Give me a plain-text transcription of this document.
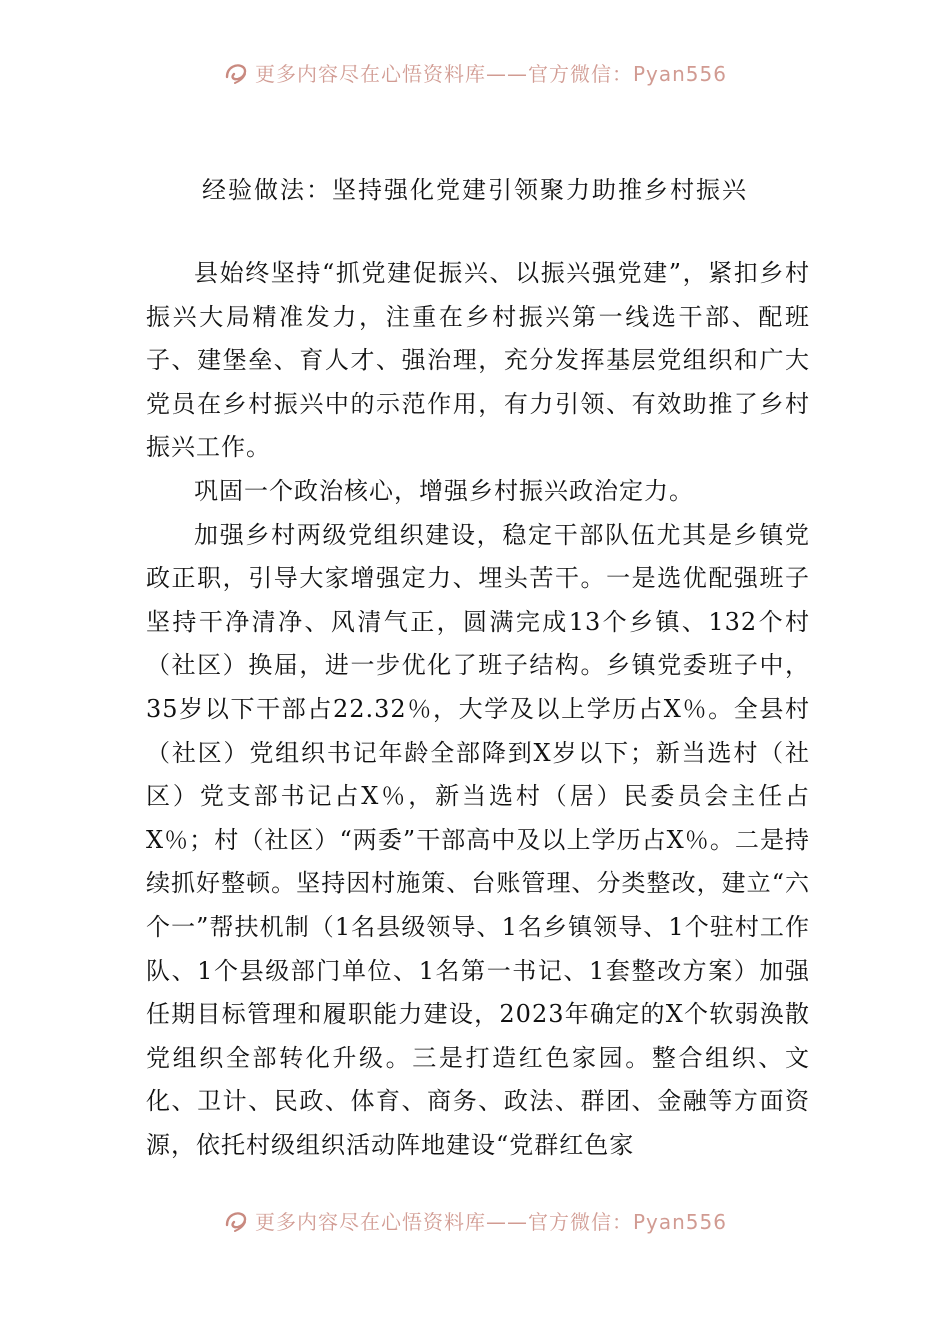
更多内容尽在心悟资料库——官方微信：Pyan556
经验做法：坚持强化党建引领聚力助推乡村振兴

县始终坚持“抓党建促振兴、以振兴强党建”，紧扣乡村振兴大局精准发力，注重在乡村振兴第一线选干部、配班子、建堡垒、育人才、强治理，充分发挥基层党组织和广大党员在乡村振兴中的示范作用，有力引领、有效助推了乡村振兴工作。

巩固一个政治核心，增强乡村振兴政治定力。

加强乡村两级党组织建设，稳定干部队伍尤其是乡镇党政正职，引导大家增强定力、埋头苦干。一是选优配强班子坚持干净清净、风清气正，圆满完成13个乡镇、132个村（社区）换届，进一步优化了班子结构。乡镇党委班子中，35岁以下干部占22.32％，大学及以上学历占X％。全县村（社区）党组织书记年龄全部降到X岁以下；新当选村（社区）党支部书记占X％，新当选村（居）民委员会主任占X％；村（社区）“两委”干部高中及以上学历占X％。二是持续抓好整顿。坚持因村施策、台账管理、分类整改，建立“六个一”帮扶机制（1名县级领导、1名乡镇领导、1个驻村工作队、1个县级部门单位、1名第一书记、1套整改方案）加强任期目标管理和履职能力建设，2023年确定的X个软弱涣散党组织全部转化升级。三是打造红色家园。整合组织、文化、卫计、民政、体育、商务、政法、群团、金融等方面资源，依托村级组织活动阵地建设“党群红色家

更多内容尽在心悟资料库——官方微信：Pyan556
